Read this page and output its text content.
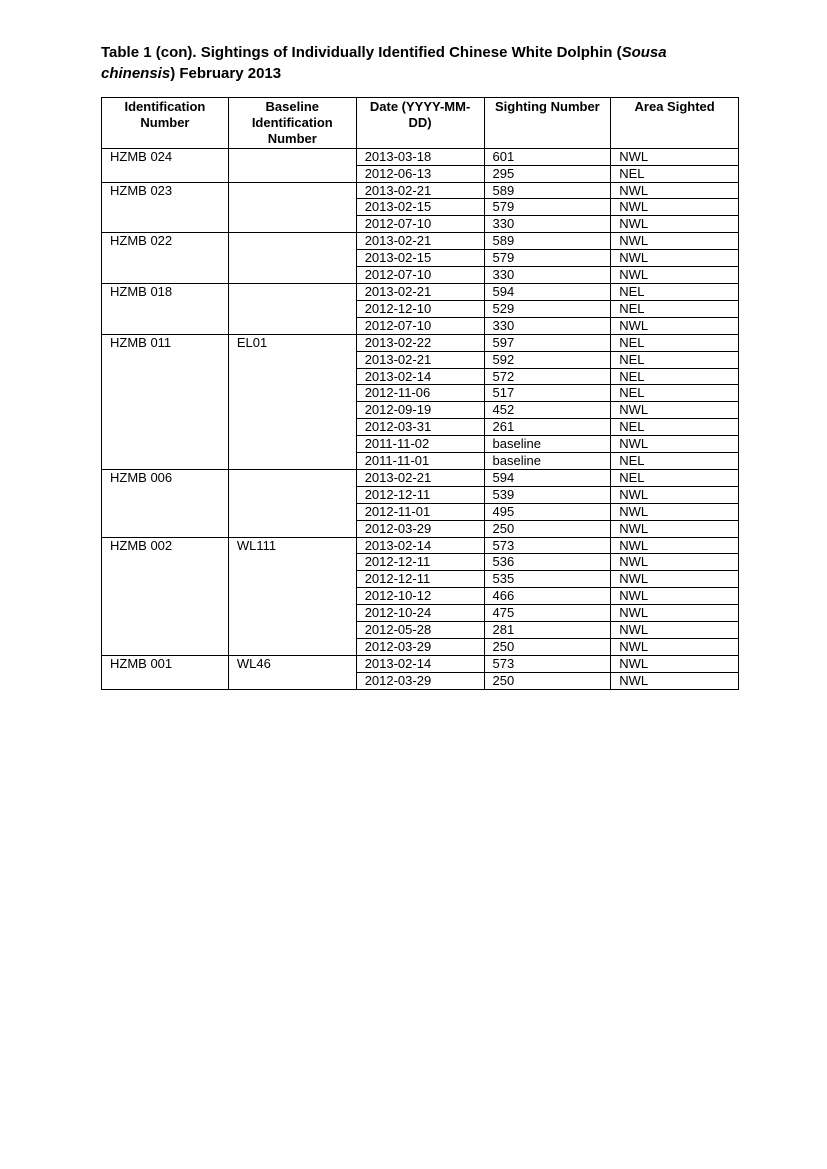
Table 1 (con). Sightings of Individually Identified Chinese White Dolphin (Sousa chinensis) February 2013
Identification Number	Baseline Identification Number	Date (YYYY-MM-DD)	Sighting Number	Area Sighted
HZMB 024		2013-03-18	601	NWL
		2012-06-13	295	NEL
HZMB 023		2013-02-21	589	NWL
		2013-02-15	579	NWL
		2012-07-10	330	NWL
HZMB 022		2013-02-21	589	NWL
		2013-02-15	579	NWL
		2012-07-10	330	NWL
HZMB 018		2013-02-21	594	NEL
		2012-12-10	529	NEL
		2012-07-10	330	NWL
HZMB 011	EL01	2013-02-22	597	NEL
		2013-02-21	592	NEL
		2013-02-14	572	NEL
		2012-11-06	517	NEL
		2012-09-19	452	NWL
		2012-03-31	261	NEL
		2011-11-02	baseline	NWL
		2011-11-01	baseline	NEL
HZMB 006		2013-02-21	594	NEL
		2012-12-11	539	NWL
		2012-11-01	495	NWL
		2012-03-29	250	NWL
HZMB 002	WL111	2013-02-14	573	NWL
		2012-12-11	536	NWL
		2012-12-11	535	NWL
		2012-10-12	466	NWL
		2012-10-24	475	NWL
		2012-05-28	281	NWL
		2012-03-29	250	NWL
HZMB 001	WL46	2013-02-14	573	NWL
		2012-03-29	250	NWL
